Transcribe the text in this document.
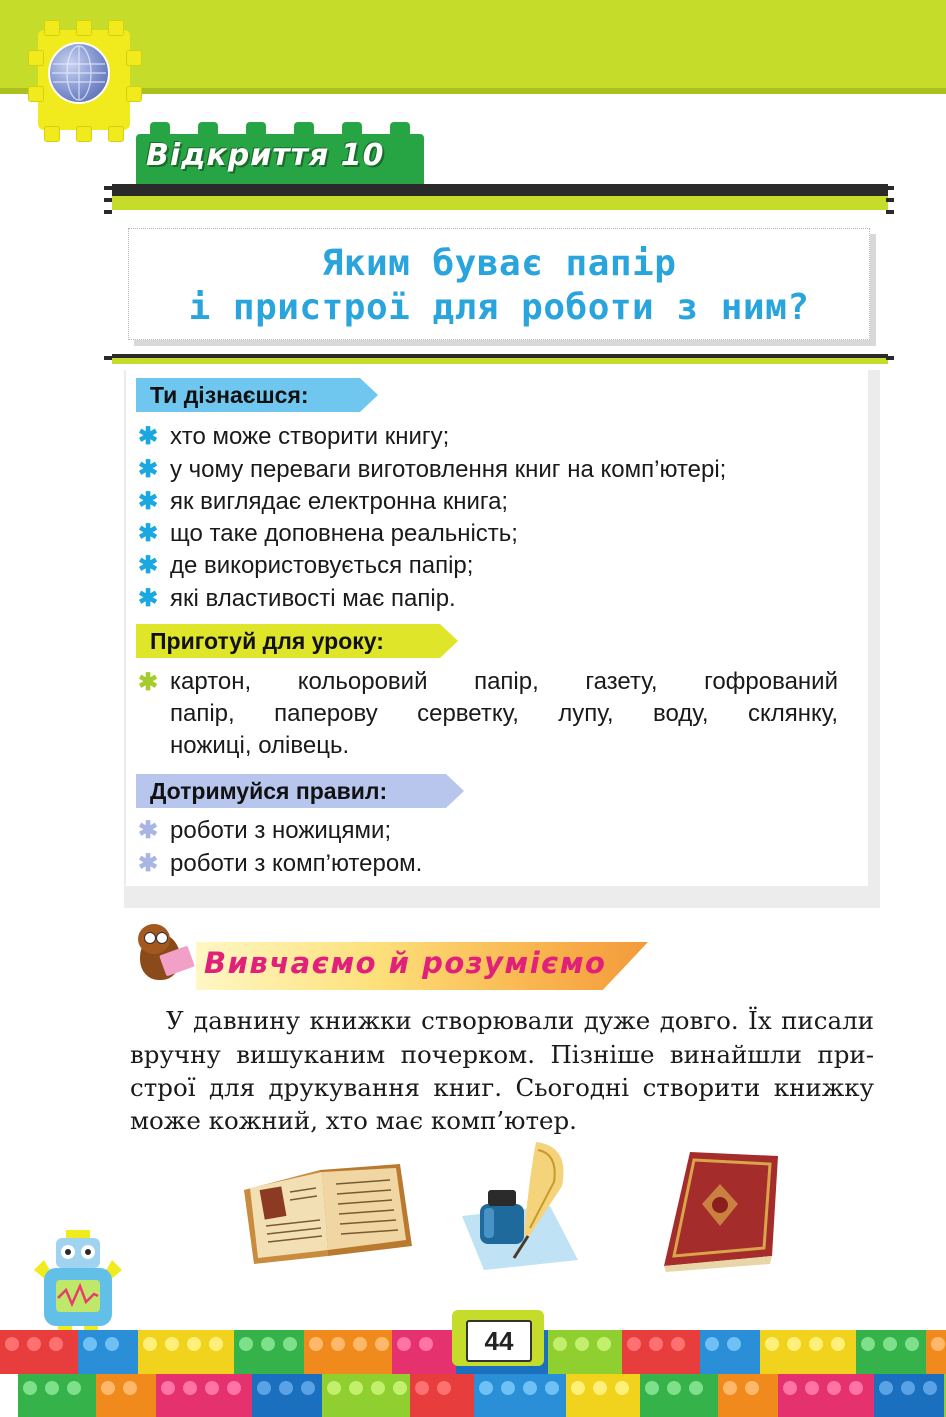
Відкриття 10
Яким буває папір
і пристрої для роботи з ним?
Ти дізнаєшся:
✱ хто може створити книгу;
✱ у чому переваги виготовлення книг на комп’ютері;
✱ як виглядає електронна книга;
✱ що таке доповнена реальність;
✱ де використовується папір;
✱ які властивості має папір.
Приготуй для уроку:
✱ картон, кольоровий папір, газету, гофрований
папір, паперову серветку, лупу, воду, склянку,
ножиці, олівець.
Дотримуйся правил:
✱ роботи з ножицями;
✱ роботи з комп’ютером.
Вивчаємо й розуміємо
У давнину книжки створювали дуже довго. Їх писали
вручну вишуканим почерком. Пізніше винайшли при-
строї для друкування книг. Сьогодні створити книжку
може кожний, хто має комп’ютер.
44
